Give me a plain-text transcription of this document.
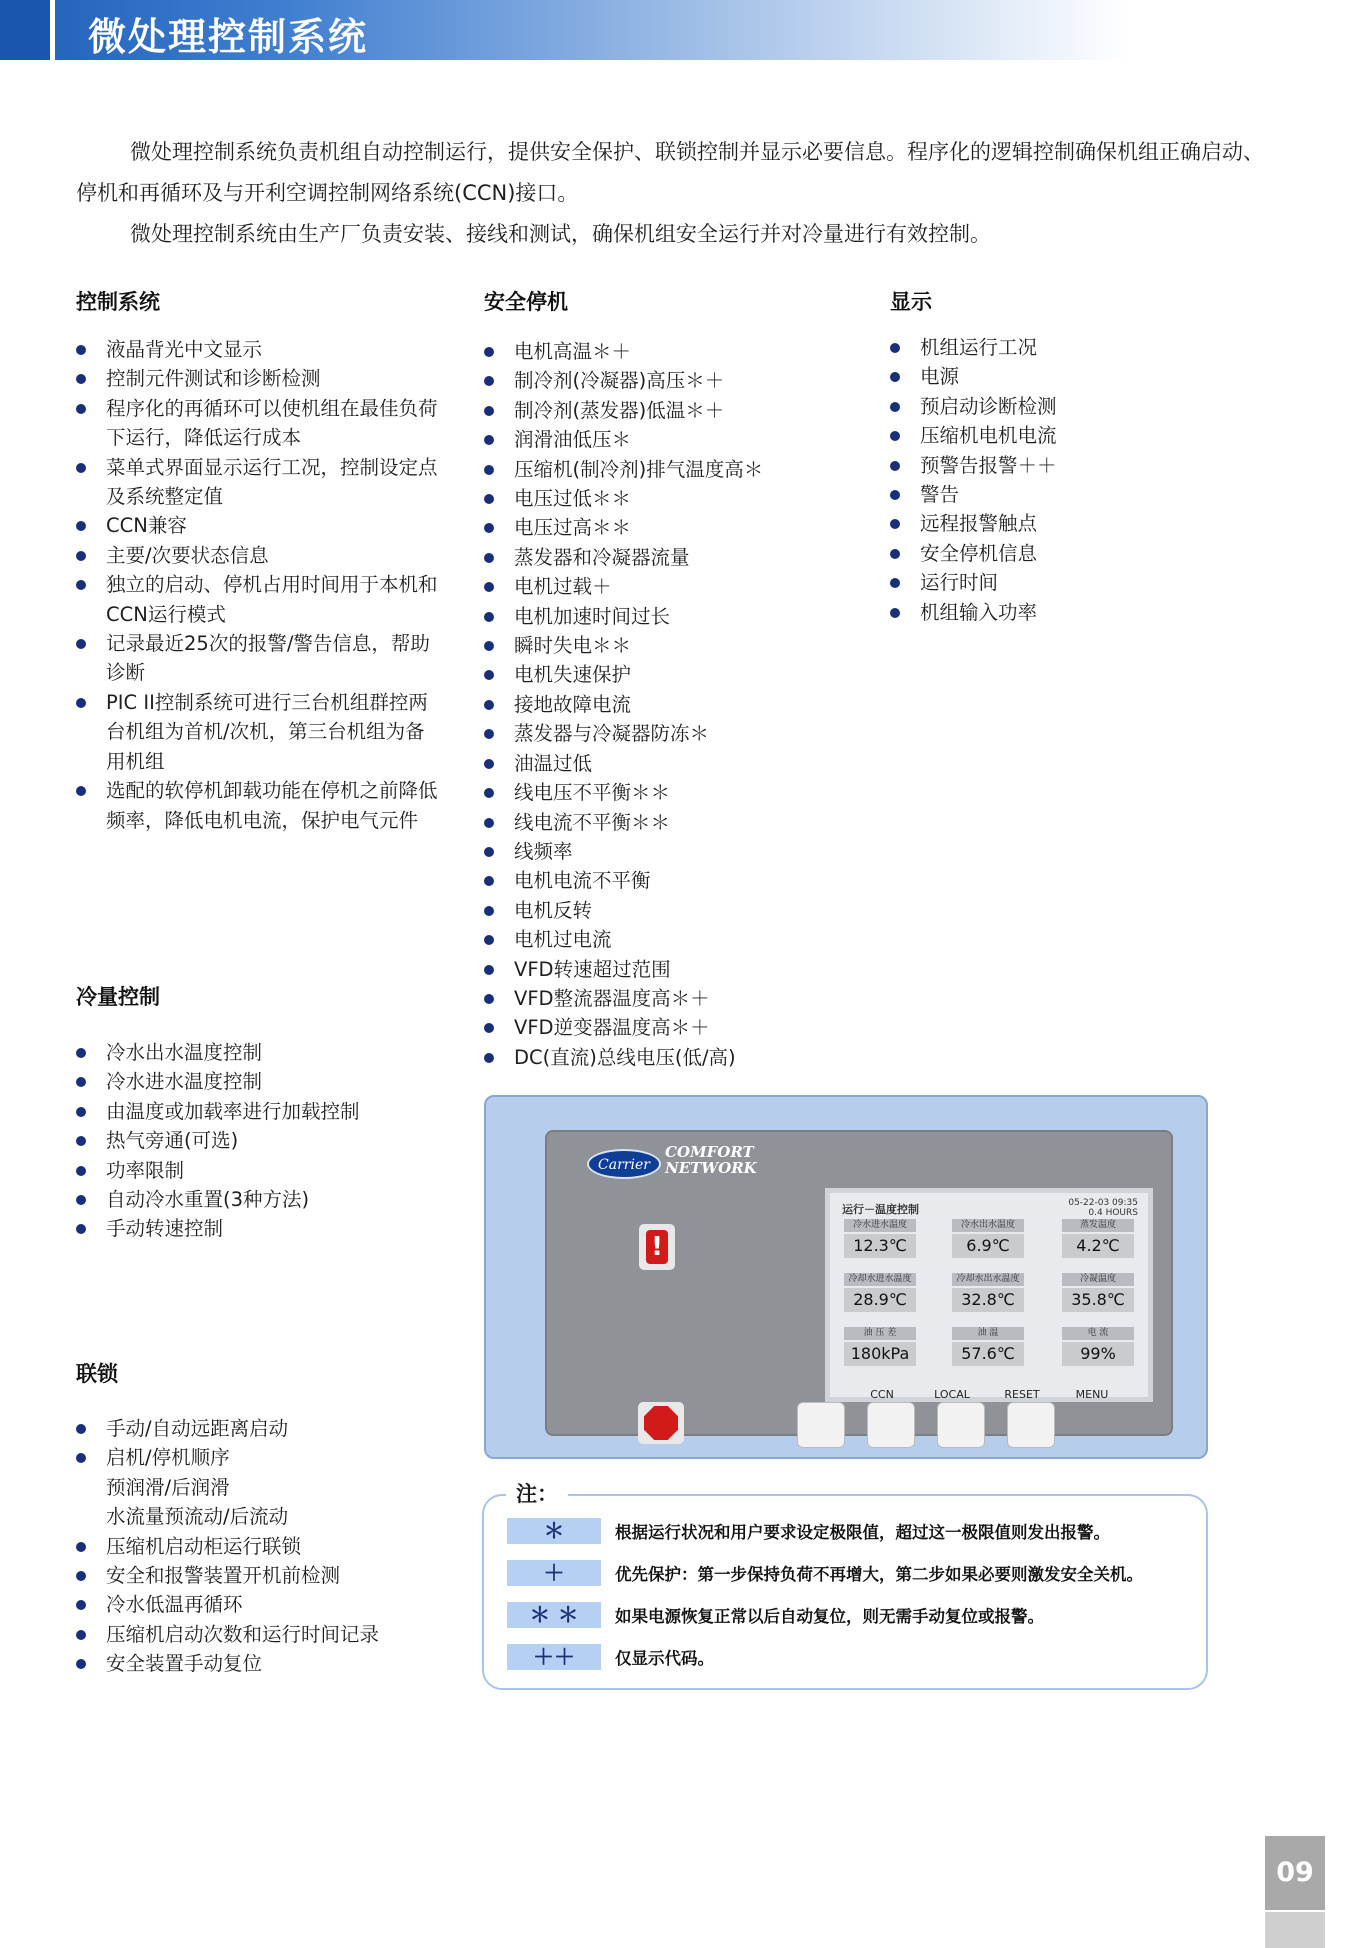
微处理控制系统

微处理控制系统负责机组自动控制运行，提供安全保护、联锁控制并显示必要信息。程序化的逻辑控制确保机组正确启动、停机和再循环及与开利空调控制网络系统(CCN)接口。

微处理控制系统由生产厂负责安装、接线和测试，确保机组安全运行并对冷量进行有效控制。

控制系统
液晶背光中文显示
控制元件测试和诊断检测
程序化的再循环可以使机组在最佳负荷下运行，降低运行成本
菜单式界面显示运行工况，控制设定点及系统整定值
CCN兼容
主要/次要状态信息
独立的启动、停机占用时间用于本机和CCN运行模式
记录最近25次的报警/警告信息，帮助诊断
PIC II控制系统可进行三台机组群控两台机组为首机/次机，第三台机组为备用机组
选配的软停机卸载功能在停机之前降低频率，降低电机电流，保护电气元件
冷量控制
冷水出水温度控制
冷水进水温度控制
由温度或加载率进行加载控制
热气旁通(可选)
功率限制
自动冷水重置(3种方法)
手动转速控制
联锁
手动/自动远距离启动
启机/停机顺序
预润滑/后润滑
水流量预流动/后流动
压缩机启动柜运行联锁
安全和报警装置开机前检测
冷水低温再循环
压缩机启动次数和运行时间记录
安全装置手动复位
安全停机
电机高温＊＋
制冷剂(冷凝器)高压＊＋
制冷剂(蒸发器)低温＊＋
润滑油低压＊
压缩机(制冷剂)排气温度高＊
电压过低＊＊
电压过高＊＊
蒸发器和冷凝器流量
电机过载＋
电机加速时间过长
瞬时失电＊＊
电机失速保护
接地故障电流
蒸发器与冷凝器防冻＊
油温过低
线电压不平衡＊＊
线电流不平衡＊＊
线频率
电机电流不平衡
电机反转
电机过电流
VFD转速超过范围
VFD整流器温度高＊＋
VFD逆变器温度高＊＋
DC(直流)总线电压(低/高)
显示
机组运行工况
电源
预启动诊断检测
压缩机电机电流
预警告报警＋＋
警告
远程报警触点
安全停机信息
运行时间
机组输入功率
Carrier
COMFORT
NETWORK
!
运行－温度控制	05-22-03 09:35
0.4 HOURS
冷水进水温度
12.3℃
冷水出水温度
6.9℃
蒸发温度
4.2℃
冷却水进水温度
28.9℃
冷却水出水温度
32.8℃
冷凝温度
35.8℃
油 压 差
180kPa
油 温
57.6℃
电 流
99%
CCN	LOCAL	RESET	MENU
注：
＊	根据运行状况和用户要求设定极限值，超过这一极限值则发出报警。
＋	优先保护：第一步保持负荷不再增大，第二步如果必要则激发安全关机。
＊ ＊	如果电源恢复正常以后自动复位，则无需手动复位或报警。
＋＋	仅显示代码。
09
